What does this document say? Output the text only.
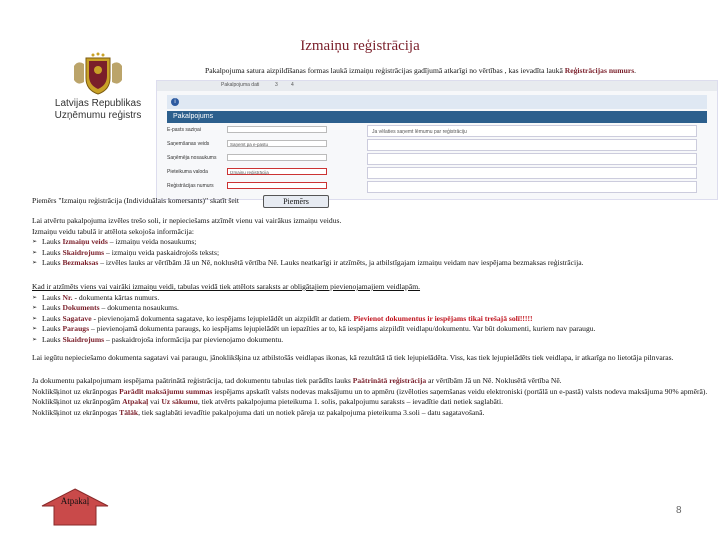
Izmaiņu reģistrācija
Latvijas Republikas
Uzņēmumu reģistrs
Pakalpojuma satura aizpildīšanas formas laukā izmaiņu reģistrācijas gadījumā atkarīgi no vērtības , kas ievadīta laukā Reģistrācijas numurs.
Pakalpojuma dati	3	4
i
Pakalpojums
E-pasts saziņai
Saņemšanas veids	Saņemt pa e-pastu
Saņēmēja nosaukums
Pieteikuma valoda	Izmaiņu reģistrācija
Reģistrācijas numurs
Ja vēlaties saņemt lēmumu par reģistrāciju
Piemērs "Izmaiņu reģistrācija (Individuālais komersants)" skatīt šeit	Piemērs
Lai atvērtu pakalpojuma izvēles trešo soli, ir nepieciešams atzīmēt vienu vai vairākus izmaiņu veidus.
Izmaiņu veidu tabulā ir attēlota sekojoša informācija:
➢ Lauks Izmaiņu veids – izmaiņu veida nosaukums;
➢ Lauks Skaidrojums – izmaiņu veida paskaidrojošs teksts;
➢ Lauks Bezmaksas – izvēles lauks ar vērtībām Jā un Nē, noklusētā vērtība Nē. Lauks neatkarīgi ir atzīmēts, ja atbilstīgajam izmaiņu veidam nav iespējama bezmaksas reģistrācija.
Kad ir atzīmēts viens vai vairāki izmaiņu veidi, tabulas veidā tiek attēlots saraksts ar obligātajiem pievienojamajiem veidlapām.
➢ Lauks Nr. - dokumenta kārtas numurs.
➢ Lauks Dokuments – dokumenta nosaukums.
➢ Lauks Sagatave - pievienojamā dokumenta sagatave, ko iespējams lejupielādēt un aizpildīt ar datiem. Pievienot dokumentus ir iespējams tikai trešajā solī!!!!!
➢ Lauks Paraugs – pievienojamā dokumenta paraugs, ko iespējams lejupielādēt un iepazīties ar to, kā iespējams aizpildīt veidlapu/dokumentu. Var būt dokumenti, kuriem nav paraugu.
➢ Lauks Skaidrojums – paskaidrojoša informācija par pievienojamo dokumentu.
Lai iegūtu nepieciešamo dokumenta sagatavi vai paraugu, jānoklikšķina uz atbilstošās veidlapas ikonas, kā rezultātā tā tiek lejupielādēta. Viss, kas tiek lejupielādēts tiek veidlapa, ir atkarīga no lietotāja pilnvaras.
Ja dokumentu pakalpojumam iespējama paātrinātā reģistrācija, tad dokumentu tabulas tiek parādīts lauks Paātrinātā reģistrācija ar vērtībām Jā un Nē. Noklusētā vērtība Nē.
Noklikšķinot uz ekrānpogas Parādīt maksājumu summas iespējams apskatīt valsts nodevas maksājumu un to apmēru (izvēloties saņemšanas veidu elektroniski (portālā un e-pastā) valsts nodeva maksājuma 90% apmērā).
Noklikšķinot uz ekrānpogām Atpakaļ vai Uz sākumu, tiek atvērts pakalpojuma pieteikuma 1. solis, pakalpojumu saraksts – ievadītie dati netiek saglabāti.
Noklikšķinot uz ekrānpogas Tālāk, tiek saglabāti ievadītie pakalpojuma dati un notiek pāreja uz pakalpojuma pieteikuma 3.soli – datu sagatavošanā.
Atpakaļ
8
